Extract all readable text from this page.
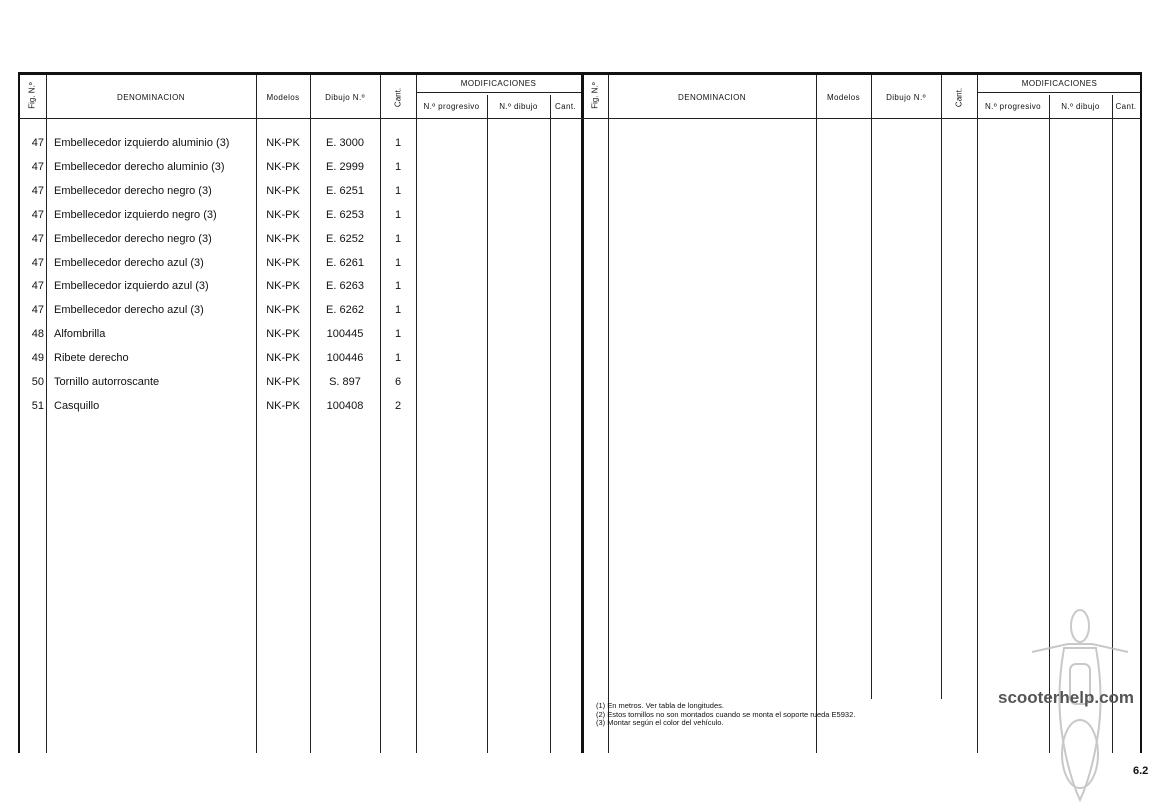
Fig. N.º	DENOMINACION	Modelos	Dibujo N.º	Cant.
MODIFICACIONES
N.º progresivo	N.º dibujo	Cant.
47 Embellecedor izquierdo aluminio (3)	NK-PK	E. 3000	1
47 Embellecedor derecho aluminio (3)	NK-PK	E. 2999	1
47 Embellecedor derecho negro (3)	NK-PK	E. 6251	1
47 Embellecedor izquierdo negro (3)	NK-PK	E. 6253	1
47 Embellecedor derecho negro (3)	NK-PK	E. 6252	1
47 Embellecedor derecho azul (3)	NK-PK	E. 6261	1
47 Embellecedor izquierdo azul (3)	NK-PK	E. 6263	1
47 Embellecedor derecho azul (3)	NK-PK	E. 6262	1
48 Alfombrilla	NK-PK	100445	1
49 Ribete derecho	NK-PK	100446	1
50 Tornillo autorroscante	NK-PK	S. 897	6
51 Casquillo	NK-PK	100408	2
Fig. N.º	DENOMINACION	Modelos	Dibujo N.º	Cant.
MODIFICACIONES
N.º progresivo	N.º dibujo	Cant.
(1) En metros. Ver tabla de longitudes.
(2) Estos tornillos no son montados cuando se monta el soporte rueda E5932.
(3) Montar según el color del vehículo.
scooterhelp.com
6.2
